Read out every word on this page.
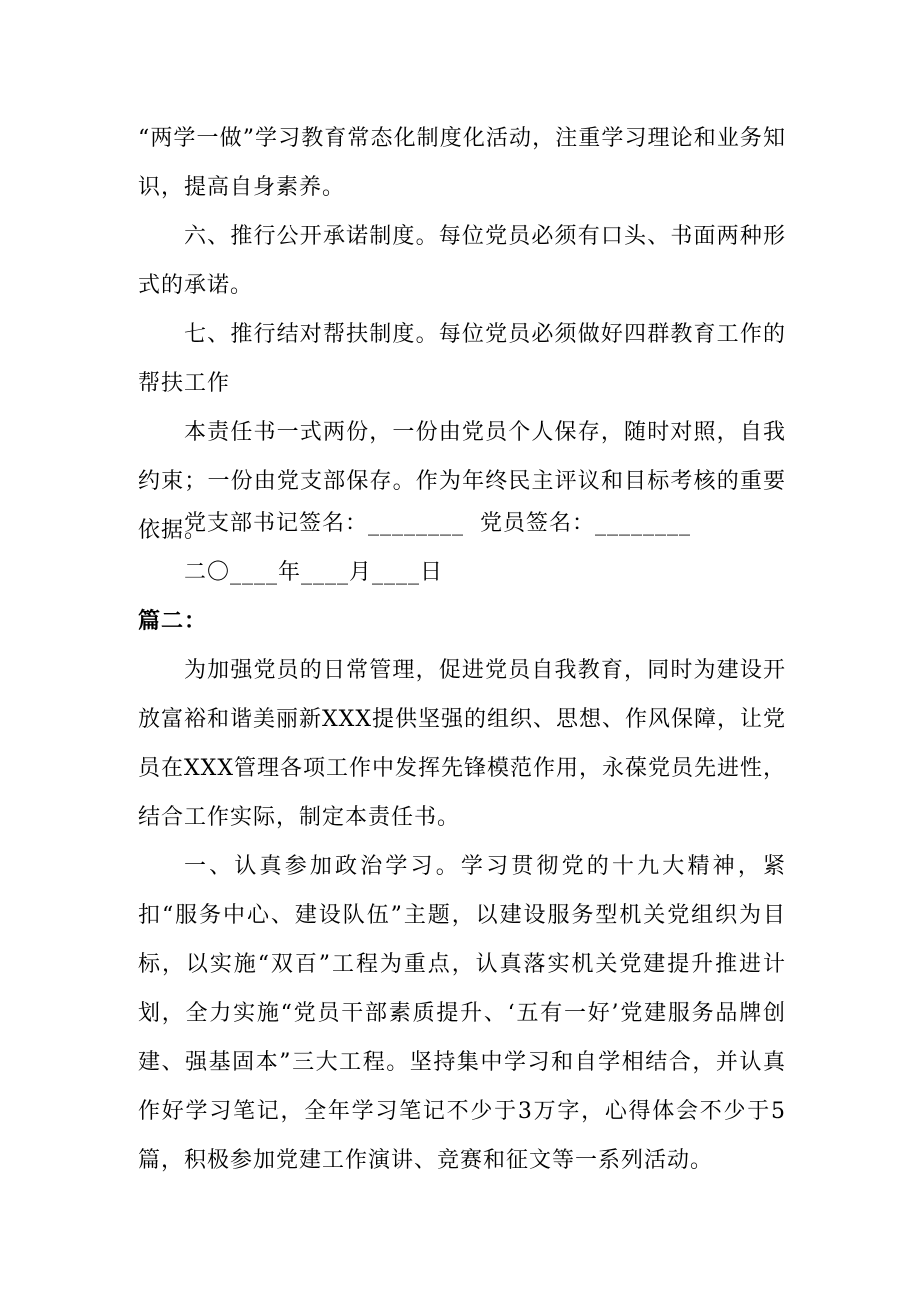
“两学一做”学习教育常态化制度化活动，注重学习理论和业务知识，提高自身素养。

六、推行公开承诺制度。每位党员必须有口头、书面两种形式的承诺。

七、推行结对帮扶制度。每位党员必须做好四群教育工作的帮扶工作

本责任书一式两份，一份由党员个人保存，随时对照，自我约束；一份由党支部保存。作为年终民主评议和目标考核的重要依据。

党支部书记签名：________  党员签名：________

二〇____年____月____日

篇二：

为加强党员的日常管理，促进党员自我教育，同时为建设开放富裕和谐美丽新XXX提供坚强的组织、思想、作风保障，让党员在XXX管理各项工作中发挥先锋模范作用，永葆党员先进性，结合工作实际，制定本责任书。

一、认真参加政治学习。学习贯彻党的十九大精神，紧扣“服务中心、建设队伍”主题，以建设服务型机关党组织为目标，以实施“双百”工程为重点，认真落实机关党建提升推进计划，全力实施“党员干部素质提升、‘五有一好’党建服务品牌创建、强基固本”三大工程。坚持集中学习和自学相结合，并认真作好学习笔记，全年学习笔记不少于3万字，心得体会不少于5篇，积极参加党建工作演讲、竞赛和征文等一系列活动。
